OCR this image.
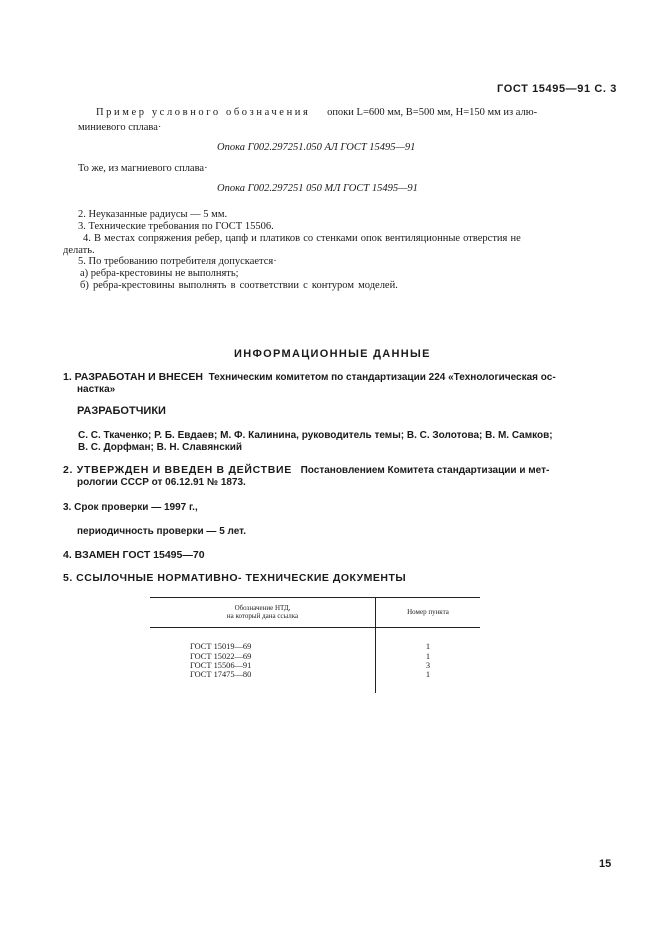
ГОСТ 15495—91 С. 3
Пример условного обозначения опоки L=600 мм, B=500 мм, H=150 мм из алю-
миниевого сплава·
Опока Г002.297251.050 АЛ ГОСТ 15495—91
То же, из магниевого сплава·
Опока Г002.297251 050 МЛ ГОСТ 15495—91
2. Неуказанные радиусы — 5 мм.
3. Технические требования по ГОСТ 15506.
4. В местах сопряжения ребер, цапф и платиков со стенками опок вентиляционные отверстия не
делать.
5. По требованию потребителя допускается·
а) ребра-крестовины не выполнять;
б) ребра-крестовины выполнять в соответствии с контуром моделей.
ИНФОРМАЦИОННЫЕ ДАННЫЕ
1. РАЗРАБОТАН И ВНЕСЕН Техническим комитетом по стандартизации 224 «Технологическая ос-
настка»
РАЗРАБОТЧИКИ
С. С. Ткаченко; Р. Б. Евдаев; М. Ф. Калинина, руководитель темы; В. С. Золотова; В. М. Самков;
В. С. Дорфман; В. Н. Славянский
2. УТВЕРЖДЕН И ВВЕДЕН В ДЕЙСТВИЕ Постановлением Комитета стандартизации и мет-
рологии СССР от 06.12.91 № 1873.
3. Срок проверки — 1997 г.,
периодичность проверки — 5 лет.
4. ВЗАМЕН ГОСТ 15495—70
5. ССЫЛОЧНЫЕ НОРМАТИВНО- ТЕХНИЧЕСКИЕ ДОКУМЕНТЫ
Обозначение НТД,
на который дана ссылка	Номер пункта
ГОСТ 15019—69	1
ГОСТ 15022—69	1
ГОСТ 15506—91	3
ГОСТ 17475—80	1
15
